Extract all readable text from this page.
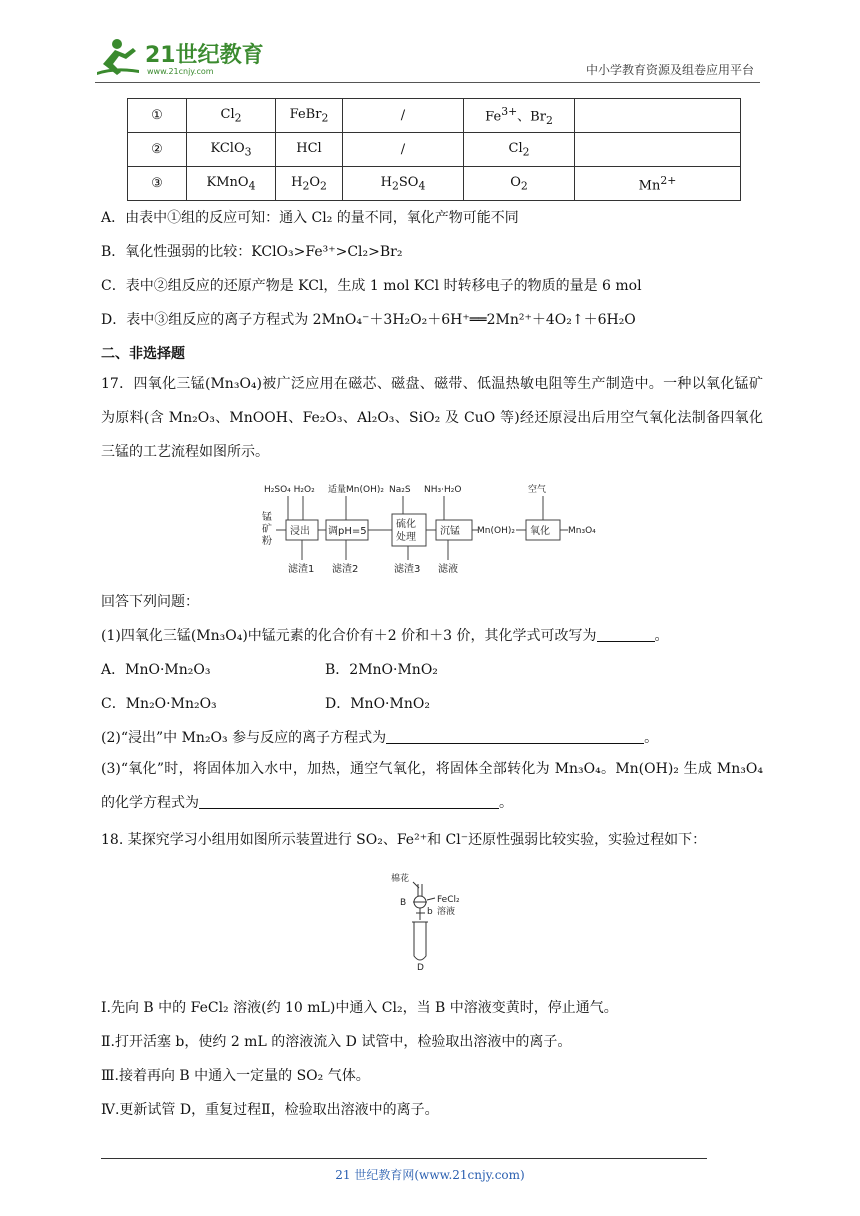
21世纪教育
www.21cnjy.com	中小学教育资源及组卷应用平台
①	$Cl_2$	FeBr$_2$	/	$Fe^{3+}$、$Br_2$	
②	KClO$_3$	HCl	/	$Cl_2$	
③	KMnO$_4$	$H_2O_2$	$H_2SO_4$	$O_2$	$Mn^{2+}$
A．由表中①组的反应可知：通入 Cl₂ 的量不同，氧化产物可能不同
B．氧化性强弱的比较：KClO₃>Fe³⁺>Cl₂>Br₂
C．表中②组反应的还原产物是 KCl，生成 1 mol KCl 时转移电子的物质的量是 6 mol
D．表中③组反应的离子方程式为 2MnO₄⁻＋3H₂O₂＋6H⁺══2Mn²⁺＋4O₂↑＋6H₂O
二、非选择题
17．四氧化三锰(Mn₃O₄)被广泛应用在磁芯、磁盘、磁带、低温热敏电阻等生产制造中。一种以氧化锰矿为原料(含 Mn₂O₃、MnOOH、Fe₂O₃、Al₂O₃、SiO₂ 及 CuO 等)经还原浸出后用空气氧化法制备四氧化三锰的工艺流程如图所示。
H₂SO₄ H₂O₂ 适量Mn(OH)₂ Na₂S NH₃·H₂O	空气
锰
矿
粉
浸出 调pH=5
硫化
处理
沉锰	氧化
Mn(OH)₂	Mn₃O₄
滤渣1 滤渣2	滤渣3 滤液
回答下列问题：
(1)四氧化三锰(Mn₃O₄)中锰元素的化合价有＋2 价和＋3 价，其化学式可改写为	。
A．MnO·Mn₂O₃	B．2MnO·MnO₂
C．Mn₂O·Mn₂O₃	D．MnO·MnO₂
(2)“浸出”中 Mn₂O₃ 参与反应的离子方程式为	。
(3)“氧化”时，将固体加入水中，加热，通空气氧化，将固体全部转化为 Mn₃O₄。Mn(OH)₂ 生成 Mn₃O₄ 的化学方程式为	。
18. 某探究学习小组用如图所示装置进行 SO₂、Fe²⁺和 Cl⁻还原性强弱比较实验，实验过程如下：
棉花
B
b
FeCl₂
溶液
D
Ⅰ.先向 B 中的 FeCl₂ 溶液(约 10 mL)中通入 Cl₂，当 B 中溶液变黄时，停止通气。
Ⅱ.打开活塞 b，使约 2 mL 的溶液流入 D 试管中，检验取出溶液中的离子。
Ⅲ.接着再向 B 中通入一定量的 SO₂ 气体。
Ⅳ.更新试管 D，重复过程Ⅱ，检验取出溶液中的离子。
21 世纪教育网(www.21cnjy.com)
